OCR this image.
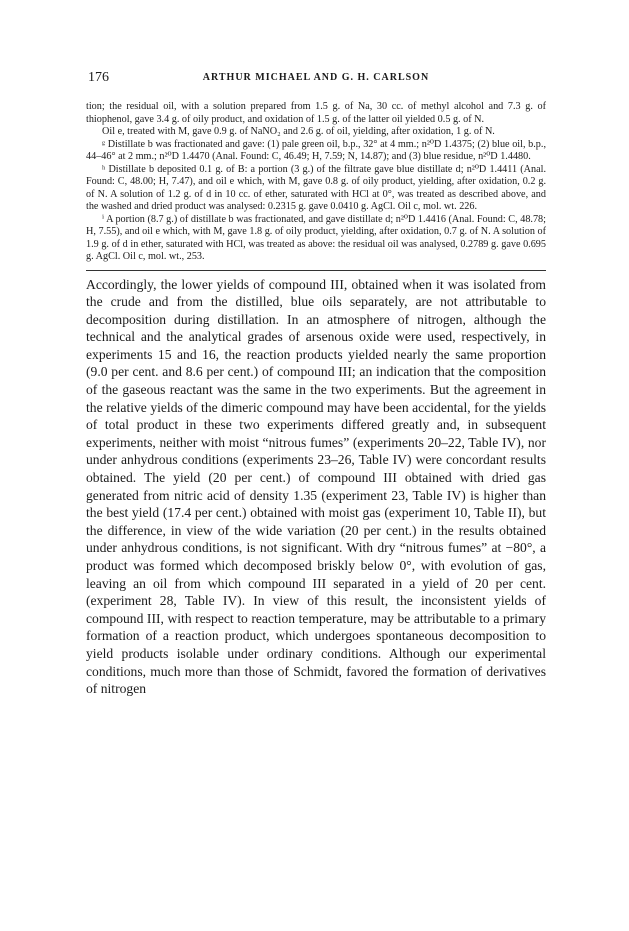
176	ARTHUR MICHAEL AND G. H. CARLSON

tion; the residual oil, with a solution prepared from 1.5 g. of Na, 30 cc. of methyl alcohol and 7.3 g. of thiophenol, gave 3.4 g. of oily product, and oxidation of 1.5 g. of the latter oil yielded 0.5 g. of N.

Oil e, treated with M, gave 0.9 g. of NaNO₂ and 2.6 g. of oil, yielding, after oxidation, 1 g. of N.

ᵍ Distillate b was fractionated and gave: (1) pale green oil, b.p., 32° at 4 mm.; n²⁰D 1.4375; (2) blue oil, b.p., 44–46° at 2 mm.; n²⁰D 1.4470 (Anal. Found: C, 46.49; H, 7.59; N, 14.87); and (3) blue residue, n²⁰D 1.4480.

ʰ Distillate b deposited 0.1 g. of B: a portion (3 g.) of the filtrate gave blue distillate d; n²⁰D 1.4411 (Anal. Found: C, 48.00; H, 7.47), and oil e which, with M, gave 0.8 g. of oily product, yielding, after oxidation, 0.2 g. of N. A solution of 1.2 g. of d in 10 cc. of ether, saturated with HCl at 0°, was treated as described above, and the washed and dried product was analysed: 0.2315 g. gave 0.0410 g. AgCl. Oil c, mol. wt. 226.

ⁱ A portion (8.7 g.) of distillate b was fractionated, and gave distillate d; n²⁰D 1.4416 (Anal. Found: C, 48.78; H, 7.55), and oil e which, with M, gave 1.8 g. of oily product, yielding, after oxidation, 0.7 g. of N. A solution of 1.9 g. of d in ether, saturated with HCl, was treated as above: the residual oil was analysed, 0.2789 g. gave 0.695 g. AgCl. Oil c, mol. wt., 253.

Accordingly, the lower yields of compound III, obtained when it was isolated from the crude and from the distilled, blue oils separately, are not attributable to decomposition during distillation. In an atmosphere of nitrogen, although the technical and the analytical grades of arsenous oxide were used, respectively, in experiments 15 and 16, the reaction products yielded nearly the same proportion (9.0 per cent. and 8.6 per cent.) of compound III; an indication that the composition of the gaseous reactant was the same in the two experiments. But the agreement in the relative yields of the dimeric compound may have been accidental, for the yields of total product in these two experiments differed greatly and, in subsequent experiments, neither with moist “nitrous fumes” (experiments 20–22, Table IV), nor under anhydrous conditions (experiments 23–26, Table IV) were concordant results obtained. The yield (20 per cent.) of compound III obtained with dried gas generated from nitric acid of density 1.35 (experiment 23, Table IV) is higher than the best yield (17.4 per cent.) obtained with moist gas (experiment 10, Table II), but the difference, in view of the wide variation (20 per cent.) in the results obtained under anhydrous conditions, is not significant. With dry “nitrous fumes” at −80°, a product was formed which decomposed briskly below 0°, with evolution of gas, leaving an oil from which compound III separated in a yield of 20 per cent. (experiment 28, Table IV). In view of this result, the inconsistent yields of compound III, with respect to reaction temperature, may be attributable to a primary formation of a reaction product, which undergoes spontaneous decomposition to yield products isolable under ordinary conditions. Although our experimental conditions, much more than those of Schmidt, favored the formation of derivatives of nitrogen
